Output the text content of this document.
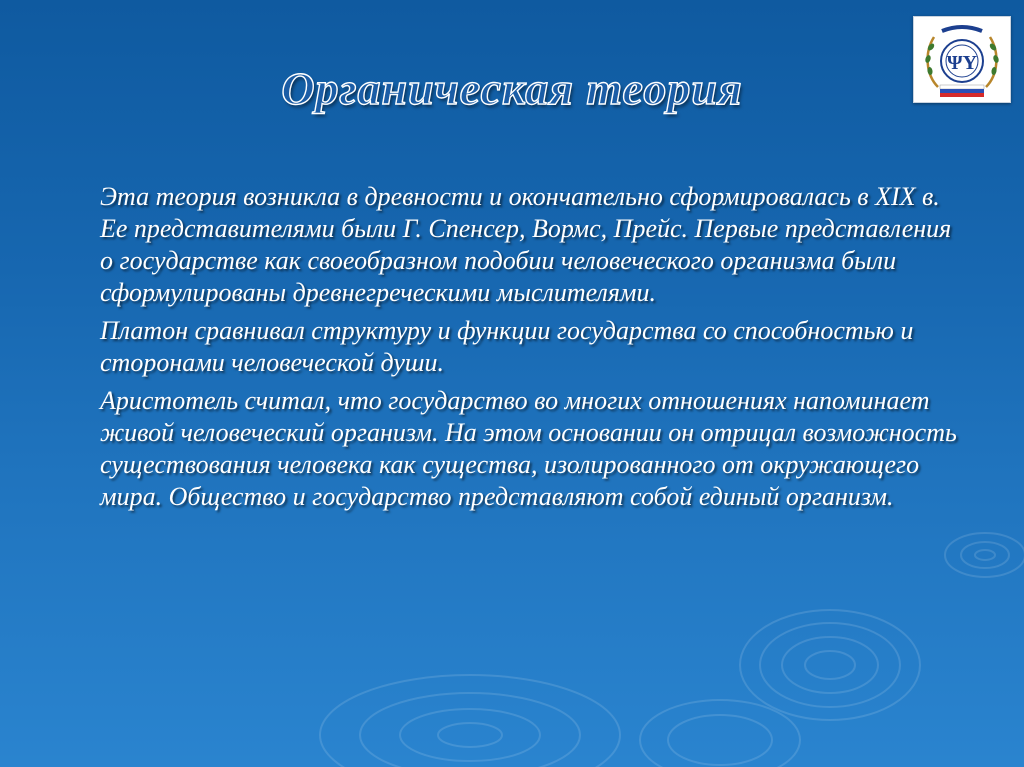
Органическая теория	ΨΥ

Эта теория возникла в древности и окончательно сформировалась в XIX в. Ее представителями были Г. Спенсер, Вормс, Прейс. Первые представления о государстве как своеобразном подобии человеческого организма были сформулированы древнегреческими мыслителями.

Платон сравнивал структуру и функции государства со способностью и сторонами человеческой души.

Аристотель считал, что государство во многих отношениях напоминает живой человеческий организм. На этом основании он отрицал возможность существования человека как существа, изолированного от окружающего мира. Общество и государство представляют собой единый организм.
